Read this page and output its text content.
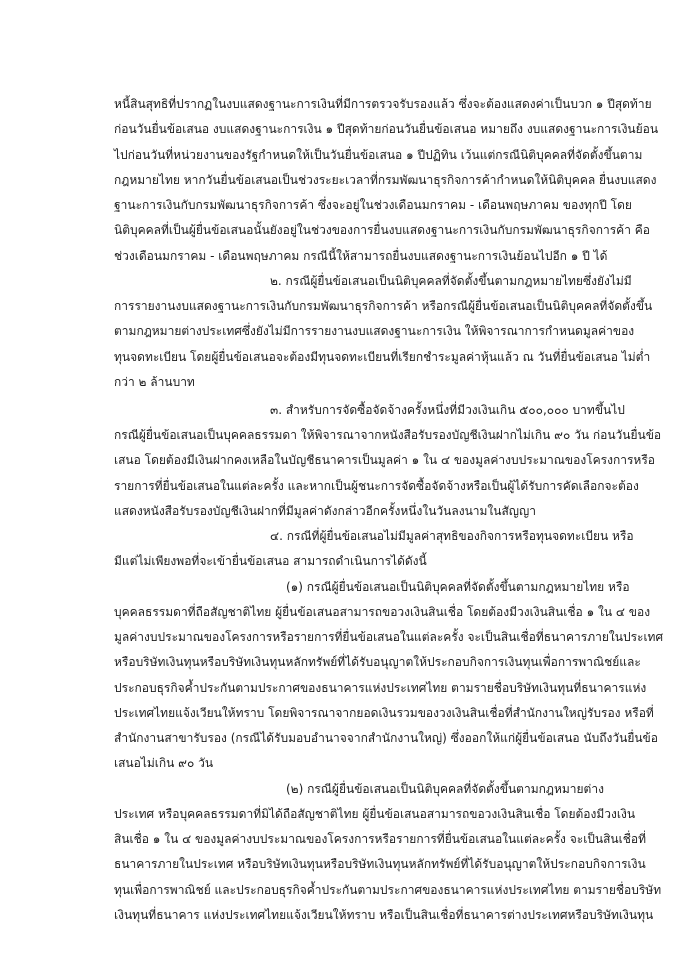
หนี้สินสุทธิที่ปรากฏในงบแสดงฐานะการเงินที่มีการตรวจรับรองแล้ว ซึ่งจะต้องแสดงค่าเป็นบวก ๑ ปีสุดท้าย
ก่อนวันยื่นข้อเสนอ งบแสดงฐานะการเงิน ๑ ปีสุดท้ายก่อนวันยื่นข้อเสนอ หมายถึง งบแสดงฐานะการเงินย้อน
ไปก่อนวันที่หน่วยงานของรัฐกำหนดให้เป็นวันยื่นข้อเสนอ ๑ ปีปฏิทิน เว้นแต่กรณีนิติบุคคลที่จัดตั้งขึ้นตาม
กฎหมายไทย หากวันยื่นข้อเสนอเป็นช่วงระยะเวลาที่กรมพัฒนาธุรกิจการค้ากำหนดให้นิติบุคคล ยื่นงบแสดง
ฐานะการเงินกับกรมพัฒนาธุรกิจการค้า ซึ่งจะอยู่ในช่วงเดือนมกราคม - เดือนพฤษภาคม ของทุกปี โดย
นิติบุคคลที่เป็นผู้ยื่นข้อเสนอนั้นยังอยู่ในช่วงของการยื่นงบแสดงฐานะการเงินกับกรมพัฒนาธุรกิจการค้า คือ
ช่วงเดือนมกราคม - เดือนพฤษภาคม กรณีนี้ให้สามารถยื่นงบแสดงฐานะการเงินย้อนไปอีก ๑ ปี ได้
๒. กรณีผู้ยื่นข้อเสนอเป็นนิติบุคคลที่จัดตั้งขึ้นตามกฎหมายไทยซึ่งยังไม่มี
การรายงานงบแสดงฐานะการเงินกับกรมพัฒนาธุรกิจการค้า หรือกรณีผู้ยื่นข้อเสนอเป็นนิติบุคคลที่จัดตั้งขึ้น
ตามกฎหมายต่างประเทศซึ่งยังไม่มีการรายงานงบแสดงฐานะการเงิน ให้พิจารณาการกำหนดมูลค่าของ
ทุนจดทะเบียน โดยผู้ยื่นข้อเสนอจะต้องมีทุนจดทะเบียนที่เรียกชำระมูลค่าหุ้นแล้ว ณ วันที่ยื่นข้อเสนอ ไม่ต่ำ
กว่า ๒ ล้านบาท
๓. สำหรับการจัดซื้อจัดจ้างครั้งหนึ่งที่มีวงเงินเกิน ๕๐๐,๐๐๐ บาทขึ้นไป
กรณีผู้ยื่นข้อเสนอเป็นบุคคลธรรมดา ให้พิจารณาจากหนังสือรับรองบัญชีเงินฝากไม่เกิน ๙๐ วัน ก่อนวันยื่นข้อ
เสนอ โดยต้องมีเงินฝากคงเหลือในบัญชีธนาคารเป็นมูลค่า ๑ ใน ๔ ของมูลค่างบประมาณของโครงการหรือ
รายการที่ยื่นข้อเสนอในแต่ละครั้ง และหากเป็นผู้ชนะการจัดซื้อจัดจ้างหรือเป็นผู้ได้รับการคัดเลือกจะต้อง
แสดงหนังสือรับรองบัญชีเงินฝากที่มีมูลค่าดังกล่าวอีกครั้งหนึ่งในวันลงนามในสัญญา
๔. กรณีที่ผู้ยื่นข้อเสนอไม่มีมูลค่าสุทธิของกิจการหรือทุนจดทะเบียน หรือ
มีแต่ไม่เพียงพอที่จะเข้ายื่นข้อเสนอ สามารถดำเนินการได้ดังนี้
(๑) กรณีผู้ยื่นข้อเสนอเป็นนิติบุคคลที่จัดตั้งขึ้นตามกฎหมายไทย หรือ
บุคคลธรรมดาที่ถือสัญชาติไทย ผู้ยื่นข้อเสนอสามารถขอวงเงินสินเชื่อ โดยต้องมีวงเงินสินเชื่อ ๑ ใน ๔ ของ
มูลค่างบประมาณของโครงการหรือรายการที่ยื่นข้อเสนอในแต่ละครั้ง จะเป็นสินเชื่อที่ธนาคารภายในประเทศ
หรือบริษัทเงินทุนหรือบริษัทเงินทุนหลักทรัพย์ที่ได้รับอนุญาตให้ประกอบกิจการเงินทุนเพื่อการพาณิชย์และ
ประกอบธุรกิจค้ำประกันตามประกาศของธนาคารแห่งประเทศไทย ตามรายชื่อบริษัทเงินทุนที่ธนาคารแห่ง
ประเทศไทยแจ้งเวียนให้ทราบ โดยพิจารณาจากยอดเงินรวมของวงเงินสินเชื่อที่สำนักงานใหญ่รับรอง หรือที่
สำนักงานสาขารับรอง (กรณีได้รับมอบอำนาจจากสำนักงานใหญ่) ซึ่งออกให้แก่ผู้ยื่นข้อเสนอ นับถึงวันยื่นข้อ
เสนอไม่เกิน ๙๐ วัน
(๒) กรณีผู้ยื่นข้อเสนอเป็นนิติบุคคลที่จัดตั้งขึ้นตามกฎหมายต่าง
ประเทศ หรือบุคคลธรรมดาที่มิได้ถือสัญชาติไทย ผู้ยื่นข้อเสนอสามารถขอวงเงินสินเชื่อ โดยต้องมีวงเงิน
สินเชื่อ ๑ ใน ๔ ของมูลค่างบประมาณของโครงการหรือรายการที่ยื่นข้อเสนอในแต่ละครั้ง จะเป็นสินเชื่อที่
ธนาคารภายในประเทศ หรือบริษัทเงินทุนหรือบริษัทเงินทุนหลักทรัพย์ที่ได้รับอนุญาตให้ประกอบกิจการเงิน
ทุนเพื่อการพาณิชย์ และประกอบธุรกิจค้ำประกันตามประกาศของธนาคารแห่งประเทศไทย ตามรายชื่อบริษัท
เงินทุนที่ธนาคาร แห่งประเทศไทยแจ้งเวียนให้ทราบ หรือเป็นสินเชื่อที่ธนาคารต่างประเทศหรือบริษัทเงินทุน
